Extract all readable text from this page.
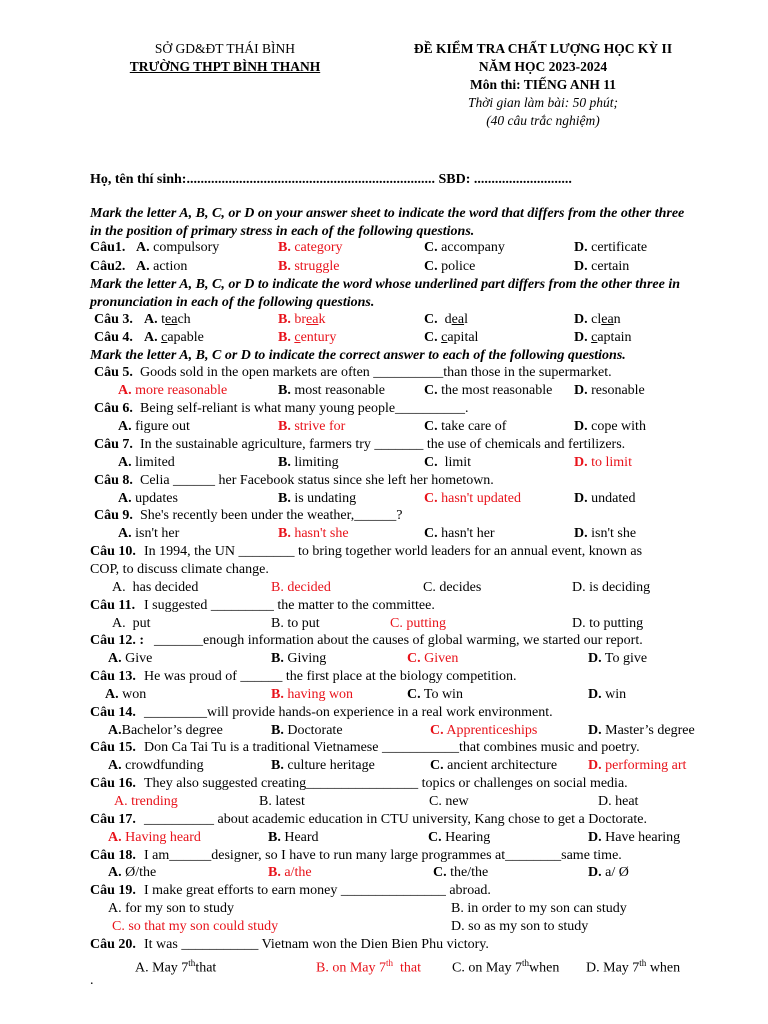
SỞ GD&ĐT THÁI BÌNH
TRƯỜNG THPT BÌNH THANH
ĐỀ KIỂM TRA CHẤT LƯỢNG HỌC KỲ II
NĂM HỌC 2023-2024
Môn thi: TIẾNG ANH 11
Thời gian làm bài: 50 phút;
(40 câu trắc nghiệm)
Họ, tên thí sinh:....................................................................... SBD: ............................
Mark the letter A, B, C, or D on your answer sheet to indicate the word that differs from the other three in the position of primary stress in each of the following questions.
Câu1. A. compulsory	B. category	C. accompany	D. certificate
Câu2. A. action	B. struggle	C. police	D. certain
Mark the letter A, B, C, or D to indicate the word whose underlined part differs from the other three in pronunciation in each of the following questions.
Câu 3. A. teach	B. break	C. deal	D. clean
Câu 4. A. capable	B. century	C. capital	D. captain
Mark the letter A, B, C or D to indicate the correct answer to each of the following questions.
Câu 5. Goods sold in the open markets are often __________than those in the supermarket.
A. more reasonable	B. most reasonable	C. the most reasonable D. resonable
Câu 6. Being self-reliant is what many young people__________.
A. figure out	B. strive for	C. take care of	D. cope with
Câu 7. In the sustainable agriculture, farmers try _______ the use of chemicals and fertilizers.
A. limited	B. limiting	C. limit	D. to limit
Câu 8. Celia ______ her Facebook status since she left her hometown.
A. updates	B. is undating	C. hasn't updated	D. undated
Câu 9. She's recently been under the weather,______?
A. isn't her	B. hasn't she	C. hasn't her	D. isn't she
Câu 10. In 1994, the UN ________ to bring together world leaders for an annual event, known as
COP, to discuss climate change.
A. has decided	B. decided	C. decides	D. is deciding
Câu 11. I suggested _________ the matter to the committee.
A. put	B. to put	C. putting	D. to putting
Câu 12. : _______enough information about the causes of global warming, we started our report.
A. Give	B. Giving	C. Given	D. To give
Câu 13. He was proud of ______ the first place at the biology competition.
A. won	B. having won	C. To win	D. win
Câu 14. _________will provide hands-on experience in a real work environment.
A.Bachelor’s degree	B. Doctorate	C. Apprenticeships	D. Master’s degree
Câu 15. Don Ca Tai Tu is a traditional Vietnamese ___________that combines music and poetry.
A. crowdfunding	B. culture heritage	C. ancient architecture D. performing art
Câu 16. They also suggested creating________________ topics or challenges on social media.
A. trending	B. latest	C. new	D. heat
Câu 17. __________ about academic education in CTU university, Kang chose to get a Doctorate.
A. Having heard	B. Heard	C. Hearing	D. Have hearing
Câu 18. I am______designer, so I have to run many large programmes at________same time.
A. Ø/the	B. a/the	C. the/the	D. a/ Ø
Câu 19. I make great efforts to earn money _______________ abroad.
A. for my son to study	B. in order to my son can study
C. so that my son could study	D. so as my son to study
Câu 20. It was ___________ Vietnam won the Dien Bien Phu victory.
A. May 7ththat	B. on May 7th that C. on May 7thwhen D. May 7th when
.
